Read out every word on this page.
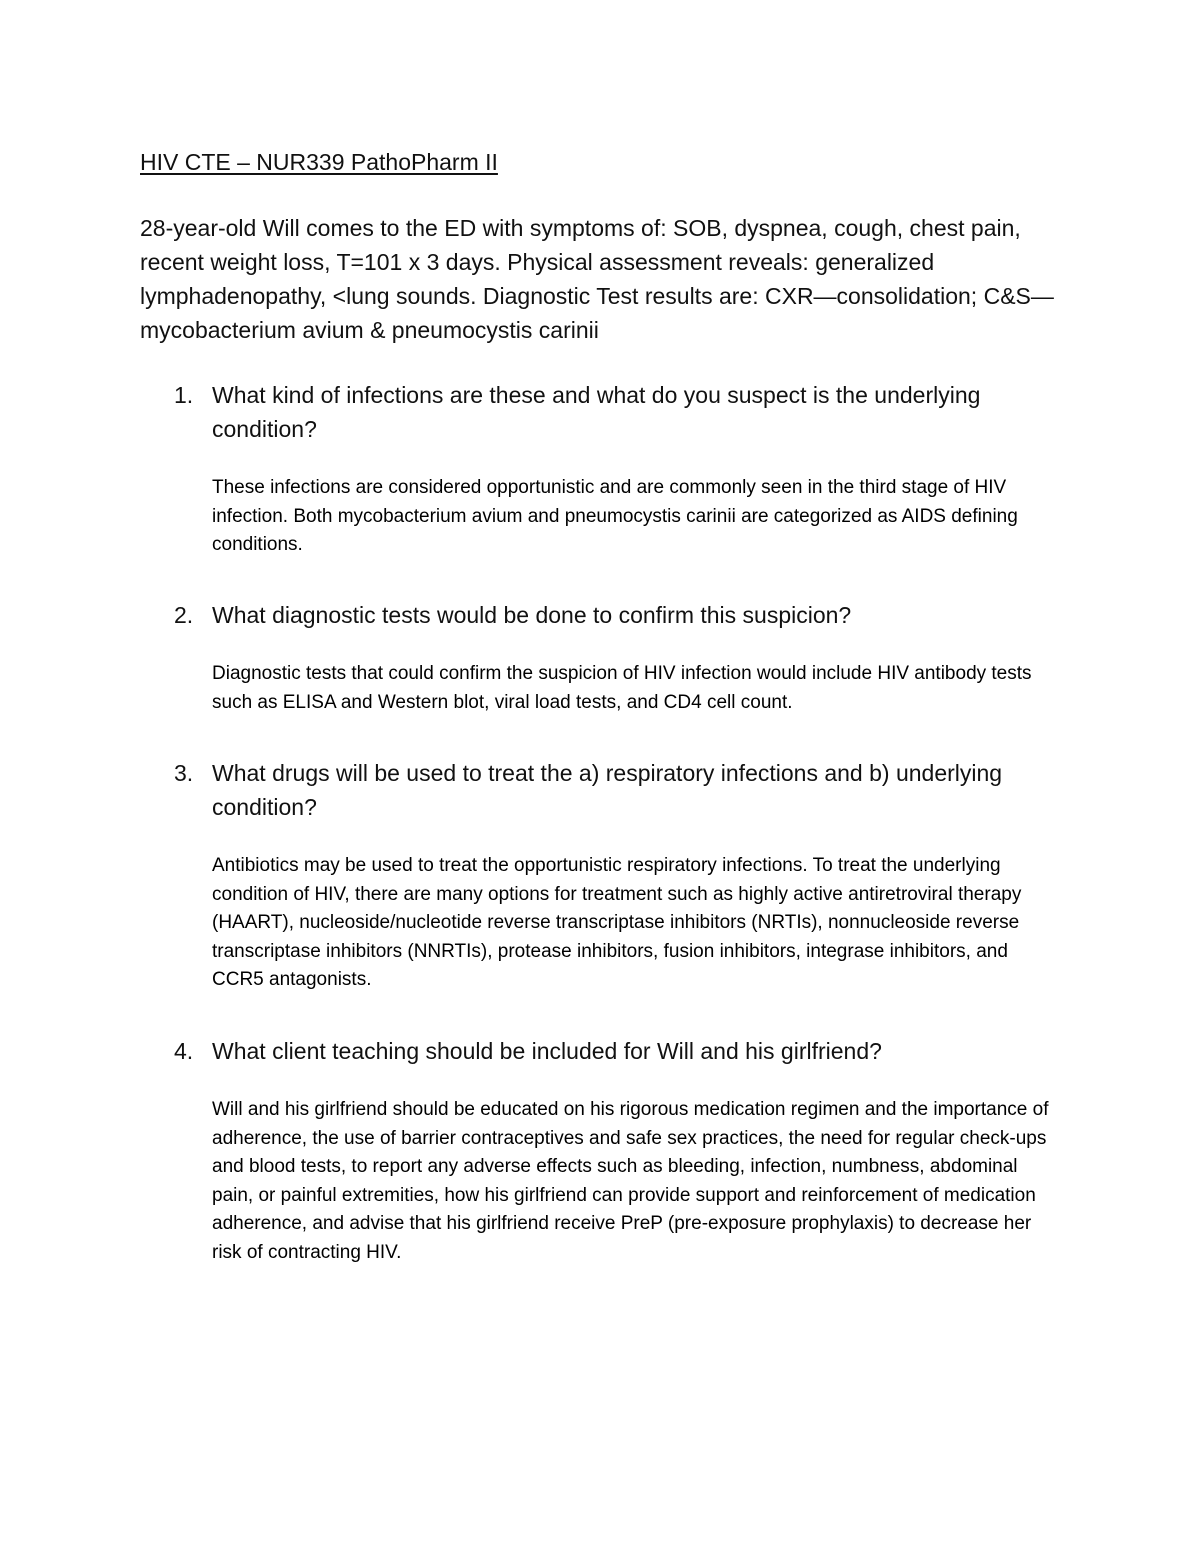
HIV CTE – NUR339 PathoPharm II
28-year-old Will comes to the ED with symptoms of: SOB, dyspnea, cough, chest pain, recent weight loss, T=101 x 3 days. Physical assessment reveals: generalized lymphadenopathy, <lung sounds. Diagnostic Test results are: CXR—consolidation; C&S—mycobacterium avium & pneumocystis carinii
1. What kind of infections are these and what do you suspect is the underlying condition?
These infections are considered opportunistic and are commonly seen in the third stage of HIV infection. Both mycobacterium avium and pneumocystis carinii are categorized as AIDS defining conditions.
2. What diagnostic tests would be done to confirm this suspicion?
Diagnostic tests that could confirm the suspicion of HIV infection would include HIV antibody tests such as ELISA and Western blot, viral load tests, and CD4 cell count.
3. What drugs will be used to treat the a) respiratory infections and b) underlying condition?
Antibiotics may be used to treat the opportunistic respiratory infections. To treat the underlying condition of HIV, there are many options for treatment such as highly active antiretroviral therapy (HAART), nucleoside/nucleotide reverse transcriptase inhibitors (NRTIs), nonnucleoside reverse transcriptase inhibitors (NNRTIs), protease inhibitors, fusion inhibitors, integrase inhibitors, and CCR5 antagonists.
4. What client teaching should be included for Will and his girlfriend?
Will and his girlfriend should be educated on his rigorous medication regimen and the importance of adherence, the use of barrier contraceptives and safe sex practices, the need for regular check-ups and blood tests, to report any adverse effects such as bleeding, infection, numbness, abdominal pain, or painful extremities, how his girlfriend can provide support and reinforcement of medication adherence, and advise that his girlfriend receive PreP (pre-exposure prophylaxis) to decrease her risk of contracting HIV.
